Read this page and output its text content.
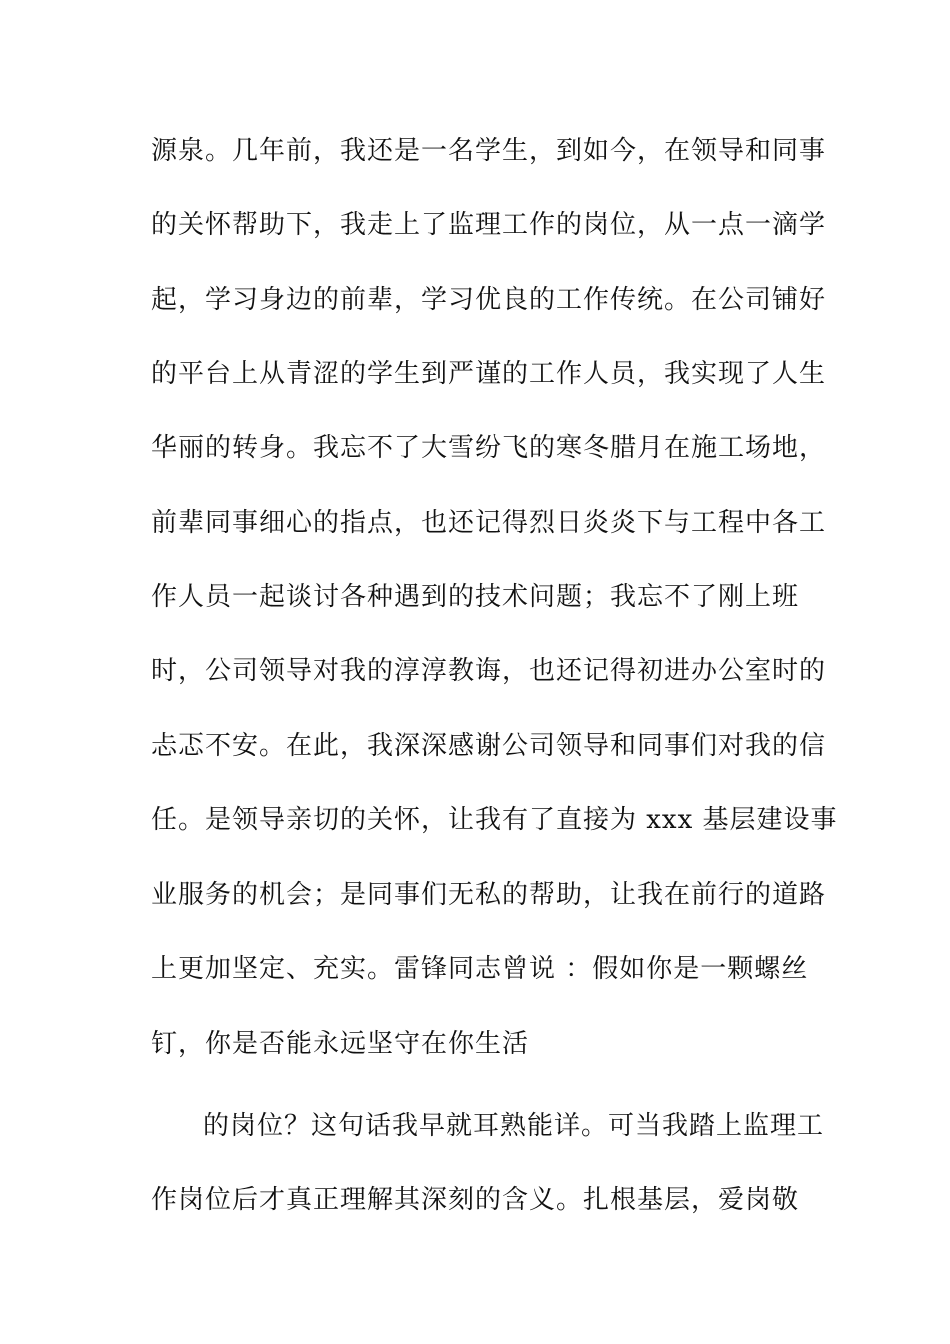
源泉。几年前，我还是一名学生，到如今，在领导和同事
的关怀帮助下，我走上了监理工作的岗位，从一点一滴学
起，学习身边的前辈，学习优良的工作传统。在公司铺好
的平台上从青涩的学生到严谨的工作人员，我实现了人生
华丽的转身。我忘不了大雪纷飞的寒冬腊月在施工场地，
前辈同事细心的指点，也还记得烈日炎炎下与工程中各工
作人员一起谈讨各种遇到的技术问题；我忘不了刚上班
时，公司领导对我的淳淳教诲，也还记得初进办公室时的
忐忑不安。在此，我深深感谢公司领导和同事们对我的信
任。是领导亲切的关怀，让我有了直接为 xxx 基层建设事
业服务的机会；是同事们无私的帮助，让我在前行的道路
上更加坚定、充实。雷锋同志曾说 ：假如你是一颗螺丝
钉，你是否能永远坚守在你生活
的岗位？这句话我早就耳熟能详。可当我踏上监理工
作岗位后才真正理解其深刻的含义。扎根基层，爱岗敬
